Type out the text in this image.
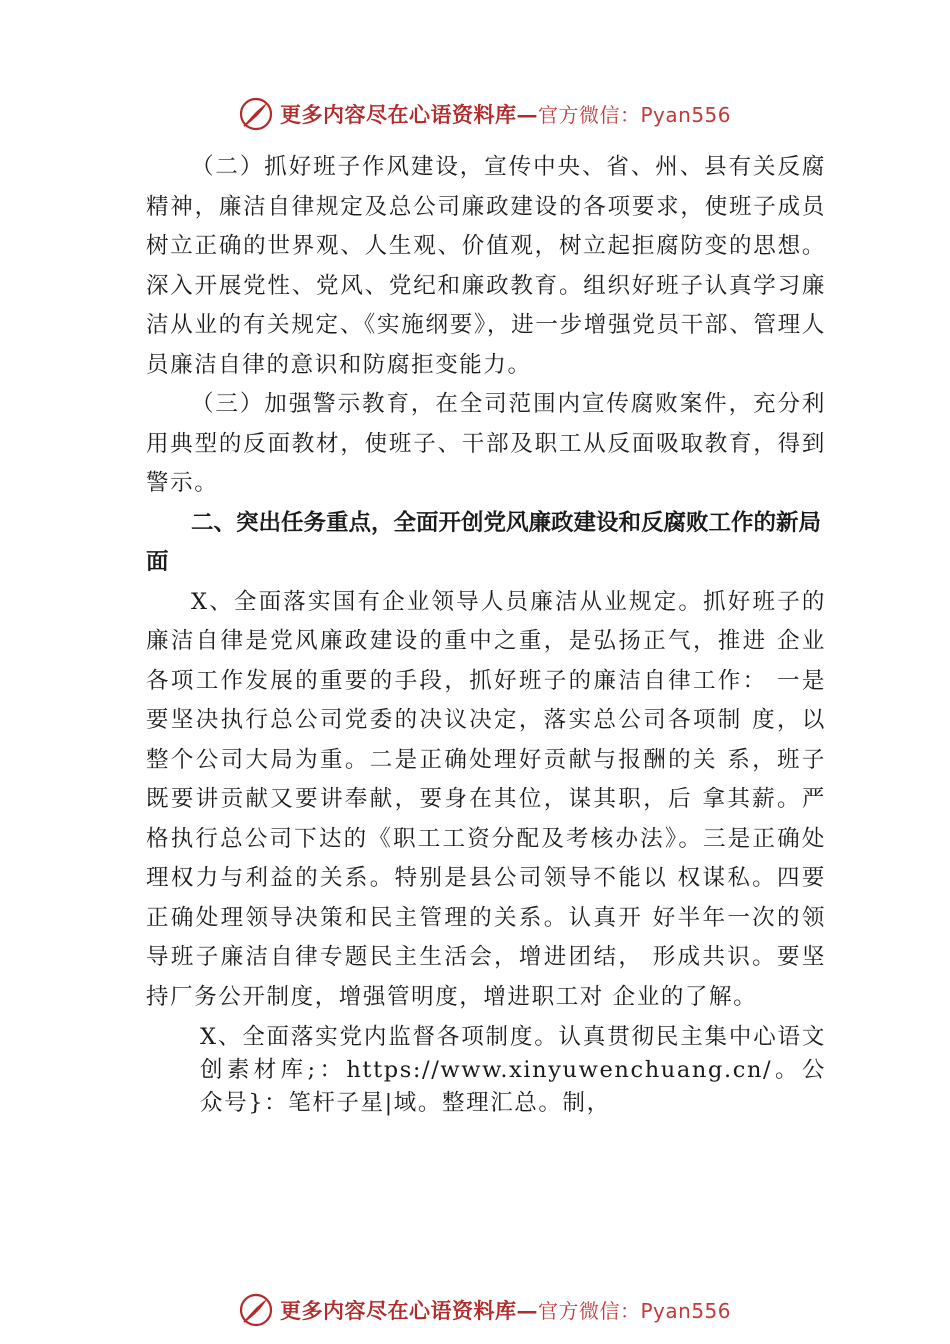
更多内容尽在心语资料库—官方微信：Pyan556

（二）抓好班子作风建设，宣传中央、省、州、县有关反腐精神，廉洁自律规定及总公司廉政建设的各项要求，使班子成员树立正确的世界观、人生观、价值观，树立起拒腐防变的思想。深入开展党性、党风、党纪和廉政教育。组织好班子认真学习廉洁从业的有关规定、《实施纲要》，进一步增强党员干部、管理人员廉洁自律的意识和防腐拒变能力。

（三）加强警示教育，在全司范围内宣传腐败案件，充分利用典型的反面教材，使班子、干部及职工从反面吸取教育，得到警示。

二、突出任务重点，全面开创党风廉政建设和反腐败工作的新局面

X、全面落实国有企业领导人员廉洁从业规定。抓好班子的廉洁自律是党风廉政建设的重中之重，是弘扬正气，推进 企业各项工作发展的重要的手段，抓好班子的廉洁自律工作： 一是要坚决执行总公司党委的决议决定，落实总公司各项制 度，以整个公司大局为重。二是正确处理好贡献与报酬的关 系，班子既要讲贡献又要讲奉献，要身在其位，谋其职，后 拿其薪。严格执行总公司下达的《职工工资分配及考核办法》。三是正确处理权力与利益的关系。特别是县公司领导不能以 权谋私。四要正确处理领导决策和民主管理的关系。认真开 好半年一次的领导班子廉洁自律专题民主生活会，增进团结， 形成共识。要坚持厂务公开制度，增强管明度，增进职工对 企业的了解。

X、全面落实党内监督各项制度。认真贯彻民主集中心语文创素材库;：https://www.xinyuwenchuang.cn/。公众号}：笔杆子星|域。整理汇总。制，

更多内容尽在心语资料库—官方微信：Pyan556
